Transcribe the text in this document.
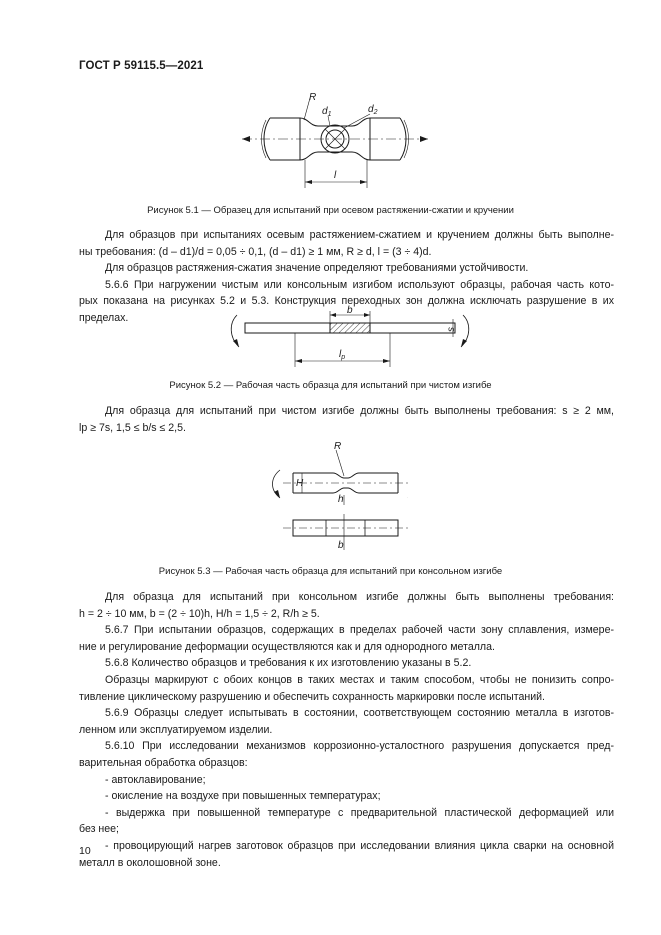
ГОСТ Р 59115.5—2021
R
$d_1$	$d_2$
l
Рисунок 5.1 — Образец для испытаний при осевом растяжении-сжатии и кручении

Для образцов при испытаниях осевым растяжением-сжатием и кручением должны быть выполне-

ны требования: (d – d1)/d = 0,05 ÷ 0,1, (d – d1) ≥ 1 мм, R ≥ d, l = (3 ÷ 4)d.

Для образцов растяжения-сжатия значение определяют требованиями устойчивости.

5.6.6 При нагружении чистым или консольным изгибом используют образцы, рабочая часть кото-

рых показана на рисунках 5.2 и 5.3. Конструкция переходных зон должна исключать разрушение в их

пределах.

b
$l_p$
s
Рисунок 5.2 — Рабочая часть образца для испытаний при чистом изгибе

Для образца для испытаний при чистом изгибе должны быть выполнены требования: s ≥ 2 мм,

lp ≥ 7s, 1,5 ≤ b/s ≤ 2,5.

R
H
h
b
Рисунок 5.3 — Рабочая часть образца для испытаний при консольном изгибе

Для образца для испытаний при консольном изгибе должны быть выполнены требования:

h = 2 ÷ 10 мм, b = (2 ÷ 10)h, H/h = 1,5 ÷ 2, R/h ≥ 5.

5.6.7 При испытании образцов, содержащих в пределах рабочей части зону сплавления, измере-

ние и регулирование деформации осуществляются как и для однородного металла.

5.6.8 Количество образцов и требования к их изготовлению указаны в 5.2.

Образцы маркируют с обоих концов в таких местах и таким способом, чтобы не понизить сопро-

тивление циклическому разрушению и обеспечить сохранность маркировки после испытаний.

5.6.9 Образцы следует испытывать в состоянии, соответствующем состоянию металла в изготов-

ленном или эксплуатируемом изделии.

5.6.10 При исследовании механизмов коррозионно-усталостного разрушения допускается пред-

варительная обработка образцов:

- автоклавирование;

- окисление на воздухе при повышенных температурах;

- выдержка при повышенной температуре с предварительной пластической деформацией или

без нее;

- провоцирующий нагрев заготовок образцов при исследовании влияния цикла сварки на основной

металл в околошовной зоне.

10
